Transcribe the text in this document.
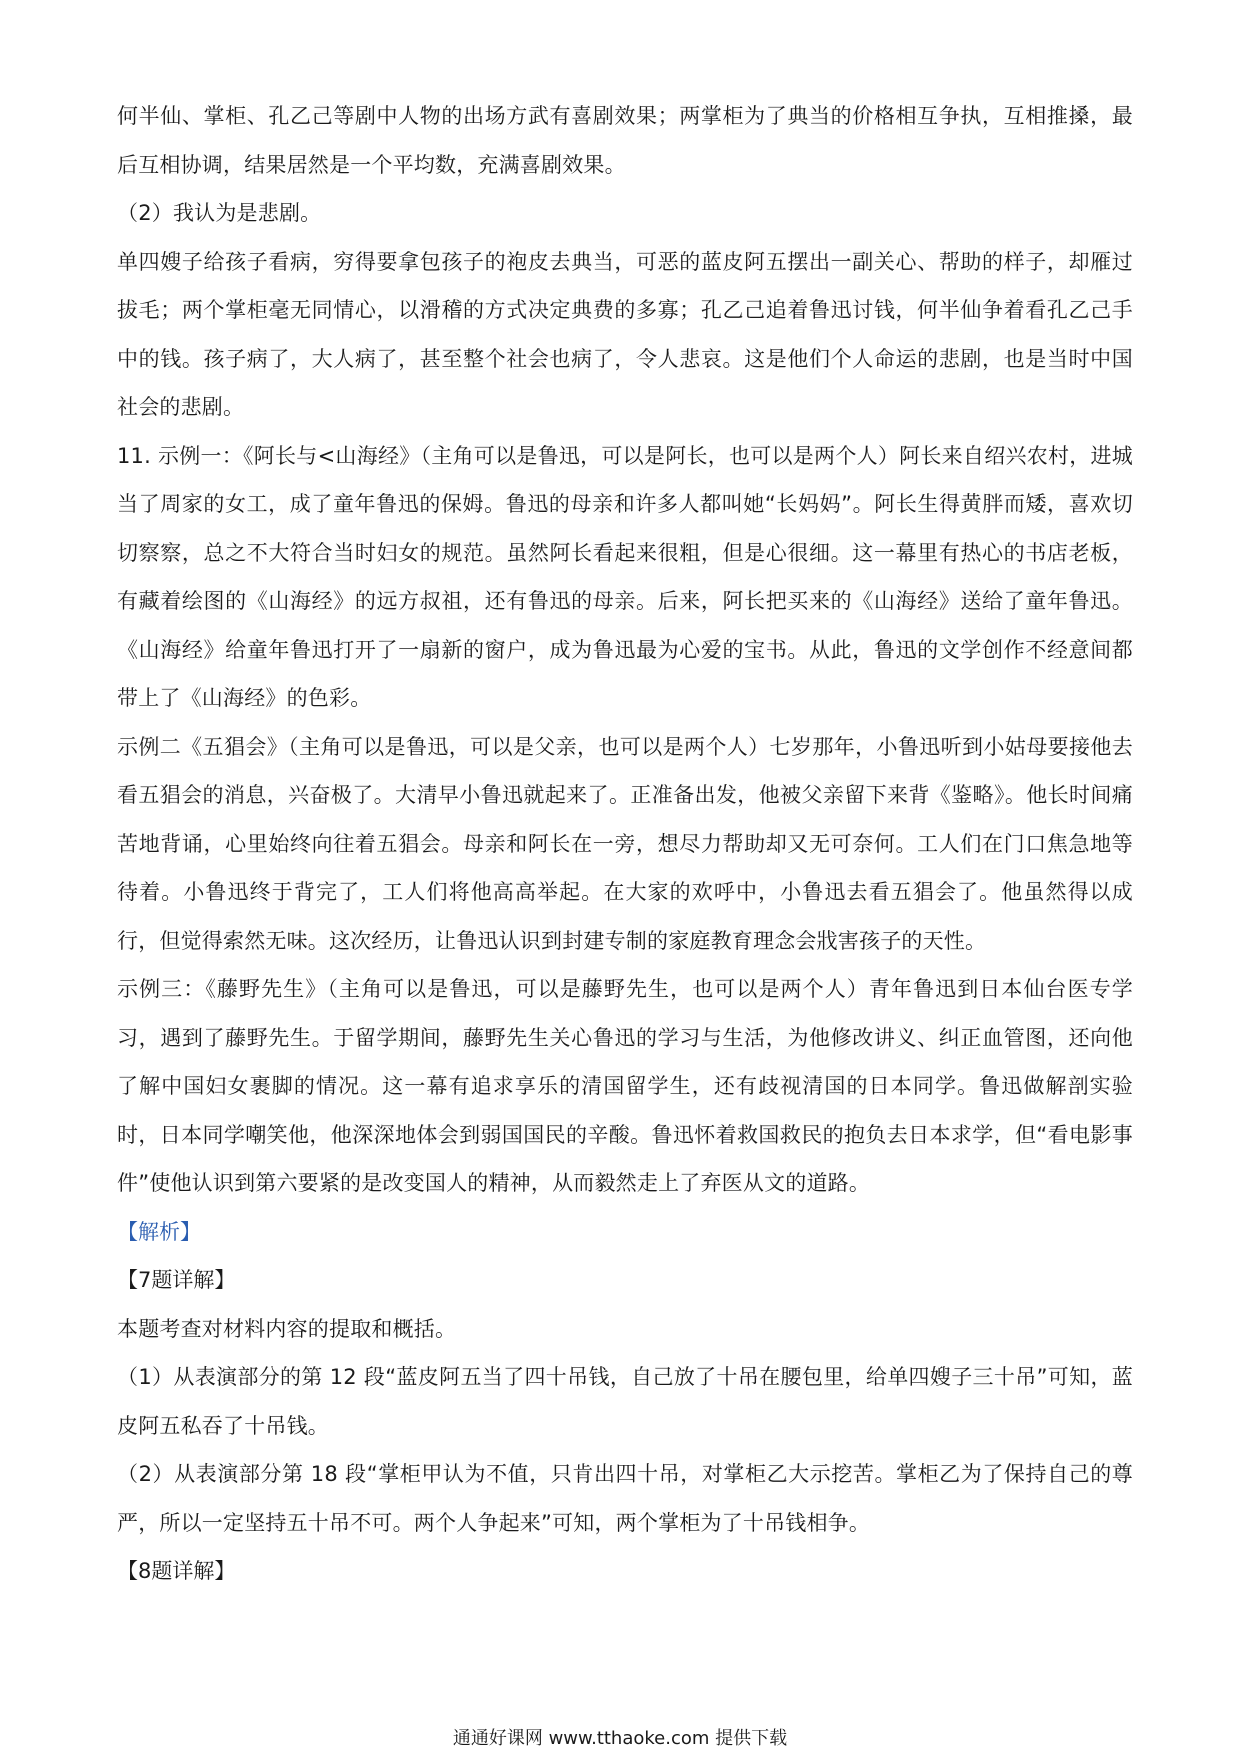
何半仙、掌柜、孔乙己等剧中人物的出场方武有喜剧效果；两掌柜为了典当的价格相互争执，互相推搡，最后互相协调，结果居然是一个平均数，充满喜剧效果。

（2）我认为是悲剧。

单四嫂子给孩子看病，穷得要拿包孩子的袍皮去典当，可恶的蓝皮阿五摆出一副关心、帮助的样子，却雁过拔毛；两个掌柜毫无同情心，以滑稽的方式决定典费的多寡；孔乙己追着鲁迅讨钱，何半仙争着看孔乙己手中的钱。孩子病了，大人病了，甚至整个社会也病了，令人悲哀。这是他们个人命运的悲剧，也是当时中国社会的悲剧。

11. 示例一：《阿长与<山海经》（主角可以是鲁迅，可以是阿长，也可以是两个人）阿长来自绍兴农村，进城当了周家的女工，成了童年鲁迅的保姆。鲁迅的母亲和许多人都叫她“长妈妈”。阿长生得黄胖而矮，喜欢切切察察，总之不大符合当时妇女的规范。虽然阿长看起来很粗，但是心很细。这一幕里有热心的书店老板，有藏着绘图的《山海经》的远方叔祖，还有鲁迅的母亲。后来，阿长把买来的《山海经》送给了童年鲁迅。《山海经》给童年鲁迅打开了一扇新的窗户，成为鲁迅最为心爱的宝书。从此，鲁迅的文学创作不经意间都带上了《山海经》的色彩。

示例二《五猖会》（主角可以是鲁迅，可以是父亲，也可以是两个人）七岁那年，小鲁迅听到小姑母要接他去看五猖会的消息，兴奋极了。大清早小鲁迅就起来了。正准备出发，他被父亲留下来背《鉴略》。他长时间痛苦地背诵，心里始终向往着五猖会。母亲和阿长在一旁，想尽力帮助却又无可奈何。工人们在门口焦急地等待着。小鲁迅终于背完了，工人们将他高高举起。在大家的欢呼中，小鲁迅去看五猖会了。他虽然得以成行，但觉得索然无味。这次经历，让鲁迅认识到封建专制的家庭教育理念会戕害孩子的天性。

示例三：《藤野先生》（主角可以是鲁迅，可以是藤野先生，也可以是两个人）青年鲁迅到日本仙台医专学习，遇到了藤野先生。于留学期间，藤野先生关心鲁迅的学习与生活，为他修改讲义、纠正血管图，还向他了解中国妇女裹脚的情况。这一幕有追求享乐的清国留学生，还有歧视清国的日本同学。鲁迅做解剖实验时，日本同学嘲笑他，他深深地体会到弱国国民的辛酸。鲁迅怀着救国救民的抱负去日本求学，但“看电影事件”使他认识到第六要紧的是改变国人的精神，从而毅然走上了弃医从文的道路。

【解析】

【7题详解】

本题考查对材料内容的提取和概括。

（1）从表演部分的第 12 段“蓝皮阿五当了四十吊钱，自己放了十吊在腰包里，给单四嫂子三十吊”可知，蓝皮阿五私吞了十吊钱。

（2）从表演部分第 18 段“掌柜甲认为不值，只肯出四十吊，对掌柜乙大示挖苦。掌柜乙为了保持自己的尊严，所以一定坚持五十吊不可。两个人争起来”可知，两个掌柜为了十吊钱相争。

【8题详解】

通通好课网 www.tthaoke.com 提供下载
